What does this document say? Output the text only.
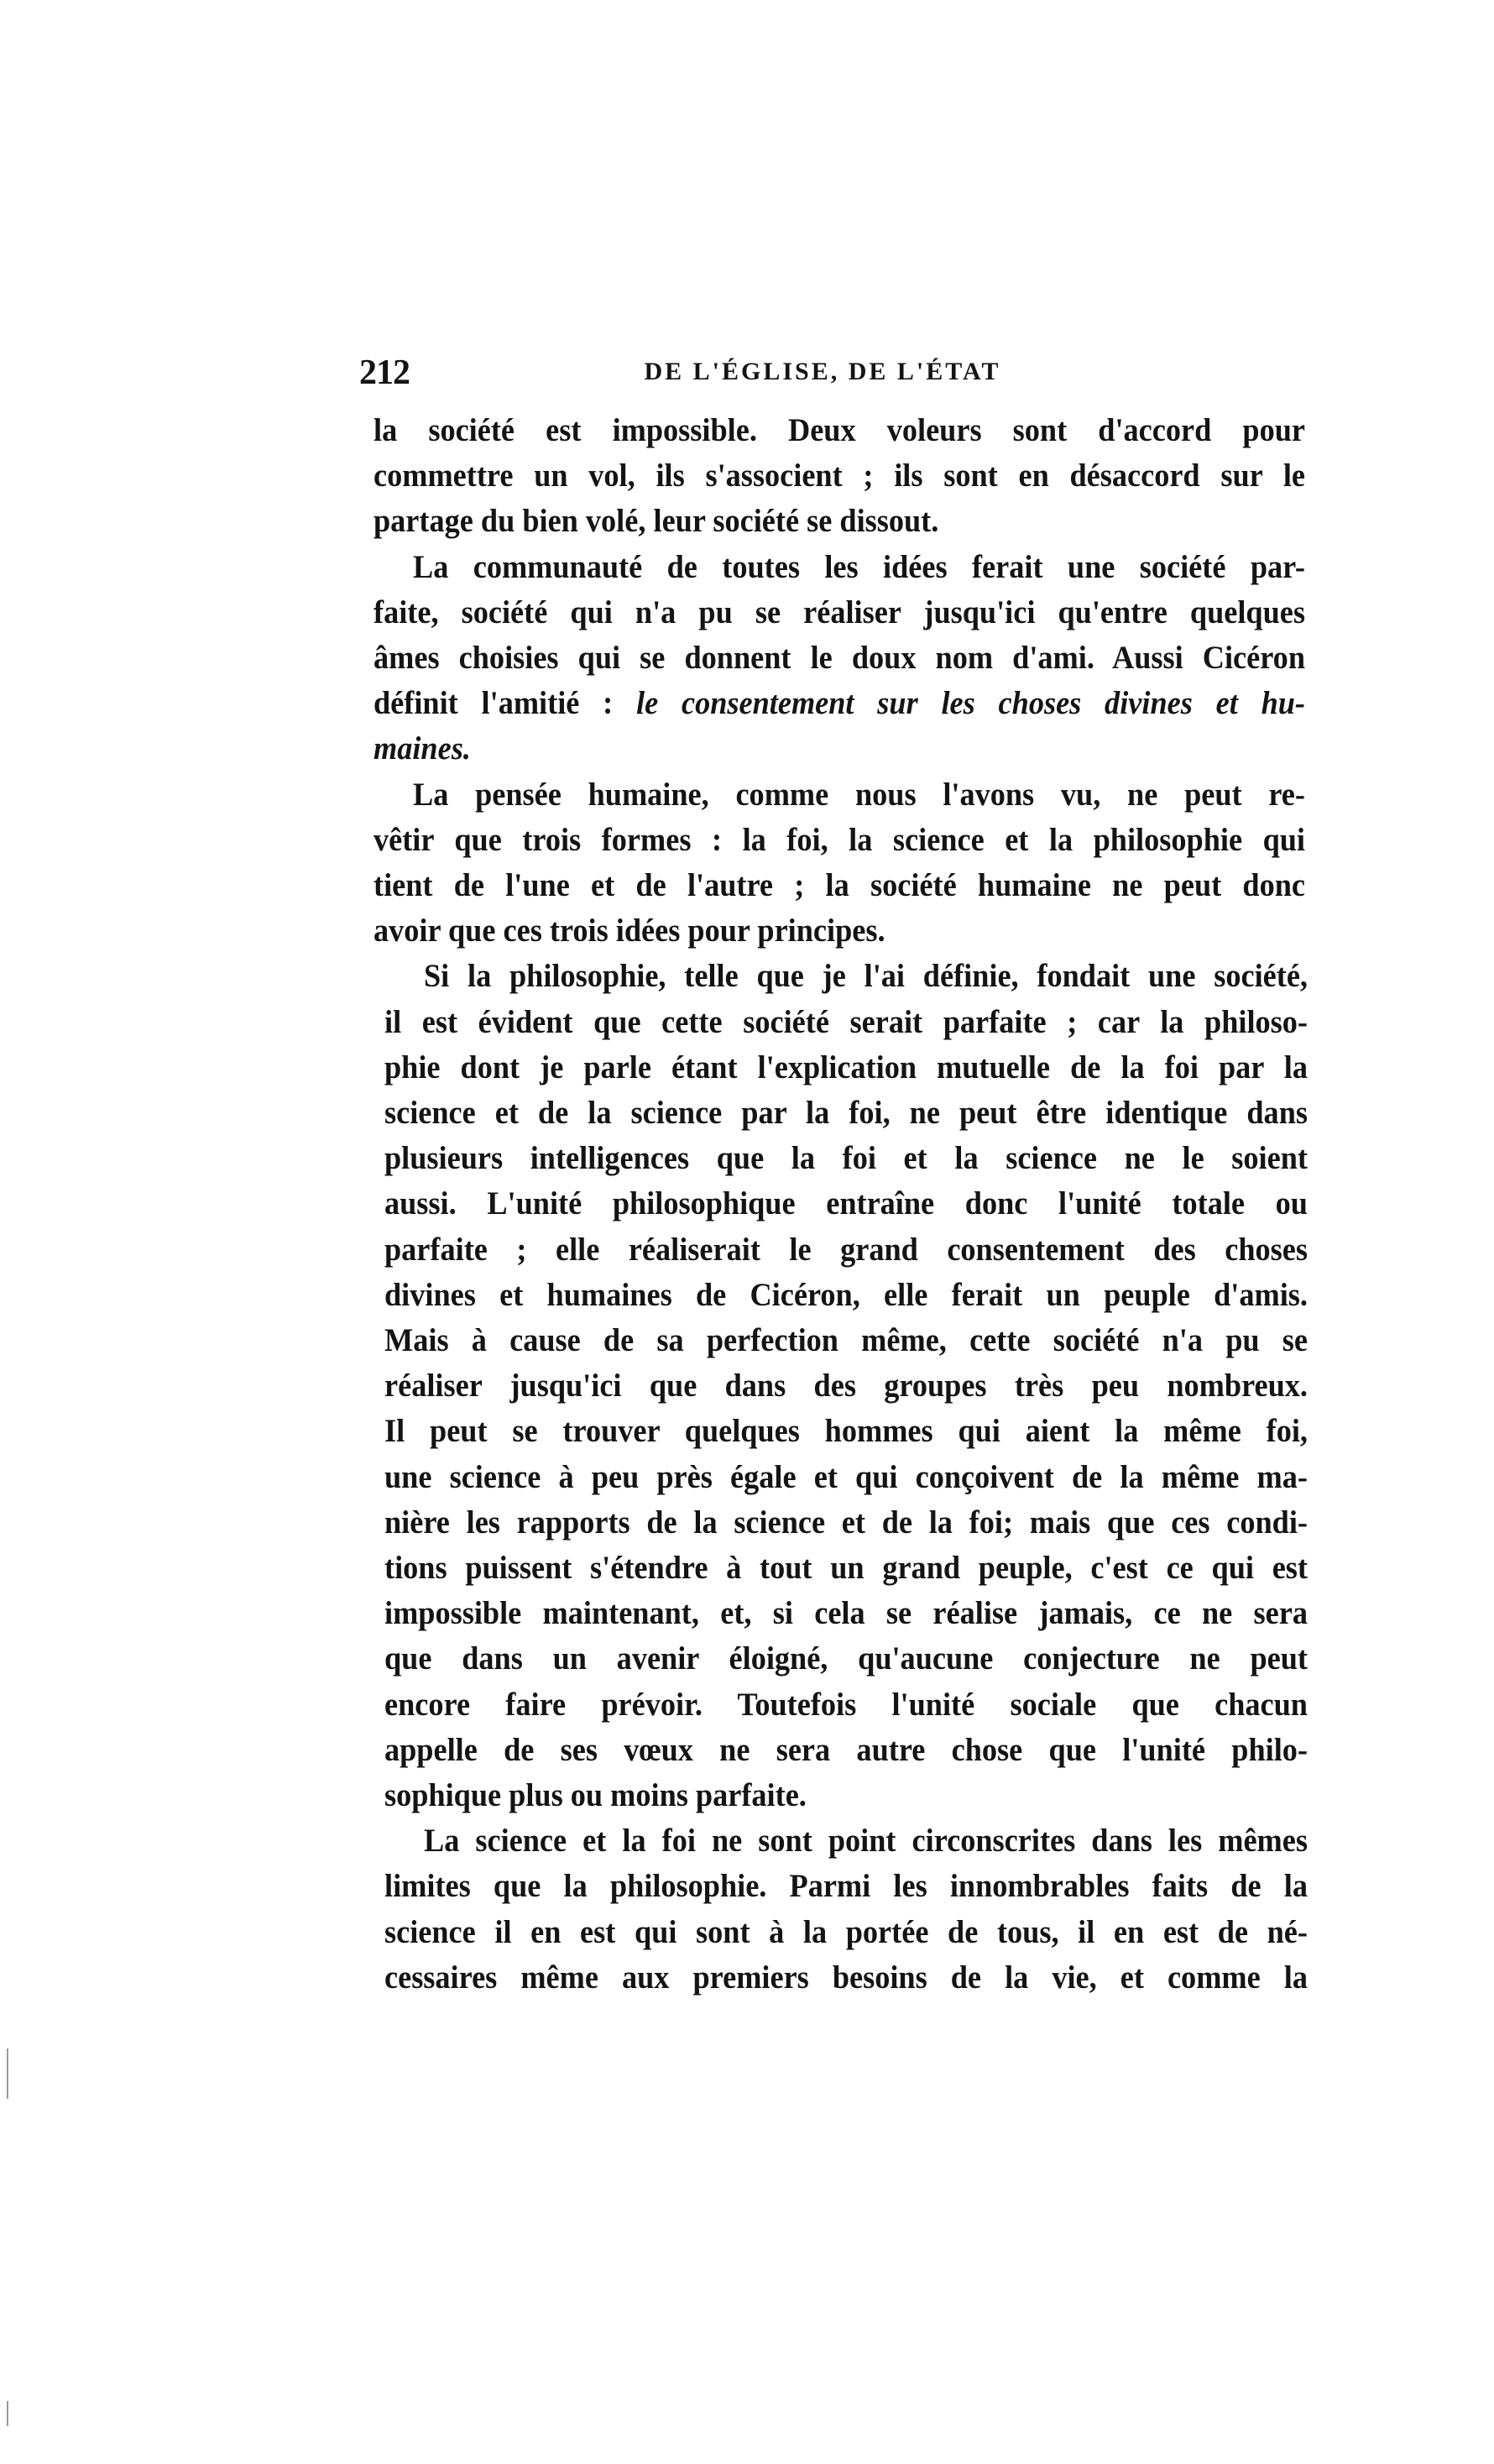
212	DE L'ÉGLISE, DE L'ÉTAT
la société est impossible. Deux voleurs sont d'accord pour
commettre un vol, ils s'associent ; ils sont en désaccord sur le
partage du bien volé, leur société se dissout.
La communauté de toutes les idées ferait une société par-
faite, société qui n'a pu se réaliser jusqu'ici qu'entre quelques
âmes choisies qui se donnent le doux nom d'ami. Aussi Cicéron
définit l'amitié : le consentement sur les choses divines et hu-
maines.
La pensée humaine, comme nous l'avons vu, ne peut re-
vêtir que trois formes : la foi, la science et la philosophie qui
tient de l'une et de l'autre ; la société humaine ne peut donc
avoir que ces trois idées pour principes.
Si la philosophie, telle que je l'ai définie, fondait une société,
il est évident que cette société serait parfaite ; car la philoso-
phie dont je parle étant l'explication mutuelle de la foi par la
science et de la science par la foi, ne peut être identique dans
plusieurs intelligences que la foi et la science ne le soient
aussi. L'unité philosophique entraîne donc l'unité totale ou
parfaite ; elle réaliserait le grand consentement des choses
divines et humaines de Cicéron, elle ferait un peuple d'amis.
Mais à cause de sa perfection même, cette société n'a pu se
réaliser jusqu'ici que dans des groupes très peu nombreux.
Il peut se trouver quelques hommes qui aient la même foi,
une science à peu près égale et qui conçoivent de la même ma-
nière les rapports de la science et de la foi; mais que ces condi-
tions puissent s'étendre à tout un grand peuple, c'est ce qui est
impossible maintenant, et, si cela se réalise jamais, ce ne sera
que dans un avenir éloigné, qu'aucune conjecture ne peut
encore faire prévoir. Toutefois l'unité sociale que chacun
appelle de ses vœux ne sera autre chose que l'unité philo-
sophique plus ou moins parfaite.
La science et la foi ne sont point circonscrites dans les mêmes
limites que la philosophie. Parmi les innombrables faits de la
science il en est qui sont à la portée de tous, il en est de né-
cessaires même aux premiers besoins de la vie, et comme la
